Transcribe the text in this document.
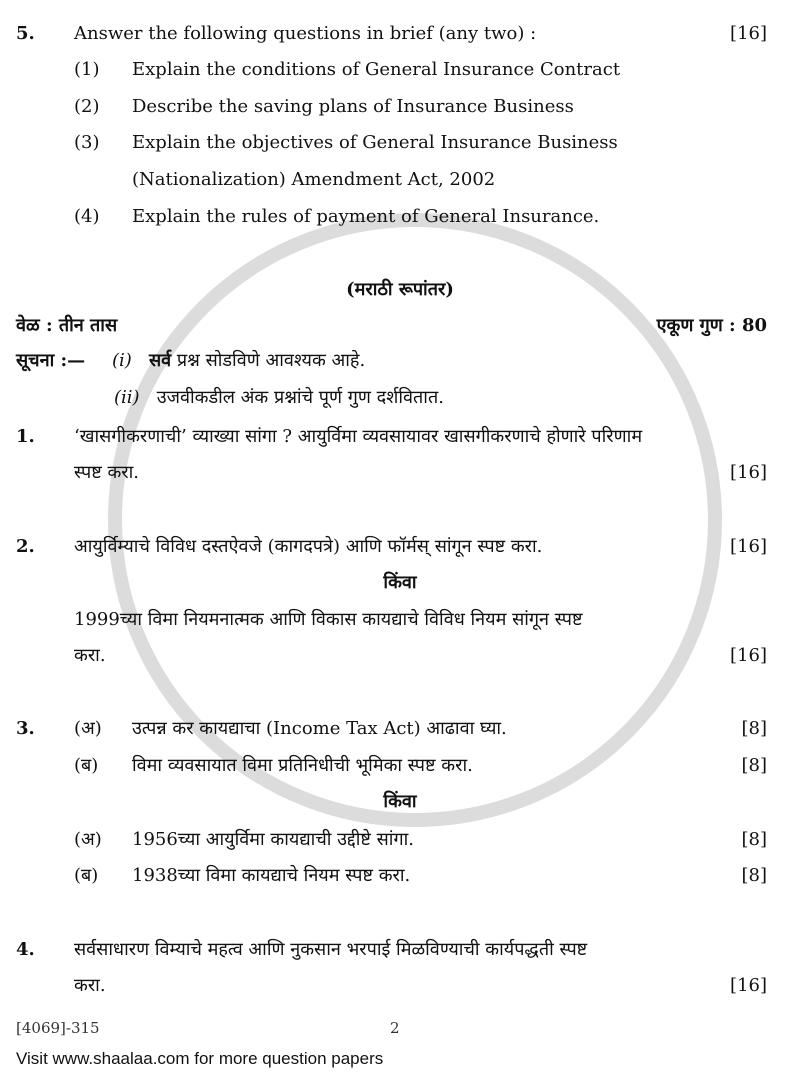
5. Answer the following questions in brief (any two) :	[16]
(1) Explain the conditions of General Insurance Contract
(2) Describe the saving plans of Insurance Business
(3) Explain the objectives of General Insurance Business
(Nationalization) Amendment Act, 2002
(4) Explain the rules of payment of General Insurance.
(मराठी रूपांतर)
वेळ : तीन तास	एकूण गुण : 80
सूचना :— (i) सर्व प्रश्न सोडविणे आवश्यक आहे.
(ii) उजवीकडील अंक प्रश्नांचे पूर्ण गुण दर्शवितात.
1. ‘खासगीकरणाची’ व्याख्या सांगा ? आयुर्विमा व्यवसायावर खासगीकरणाचे होणारे परिणाम
स्पष्ट करा.	[16]
2. आयुर्विम्याचे विविध दस्तऐवजे (कागदपत्रे) आणि फॉर्मस् सांगून स्पष्ट करा.	[16]
किंवा
1999च्या विमा नियमनात्मक आणि विकास कायद्याचे विविध नियम सांगून स्पष्ट
करा.	[16]
3. (अ) उत्पन्न कर कायद्याचा (Income Tax Act) आढावा घ्या.	[8]
(ब) विमा व्यवसायात विमा प्रतिनिधीची भूमिका स्पष्ट करा.	[8]
किंवा
(अ) 1956च्या आयुर्विमा कायद्याची उद्दीष्टे सांगा.	[8]
(ब) 1938च्या विमा कायद्याचे नियम स्पष्ट करा.	[8]
4. सर्वसाधारण विम्याचे महत्व आणि नुकसान भरपाई मिळविण्याची कार्यपद्धती स्पष्ट
करा.	[16]
[4069]-315	2
Visit www.shaalaa.com for more question papers
